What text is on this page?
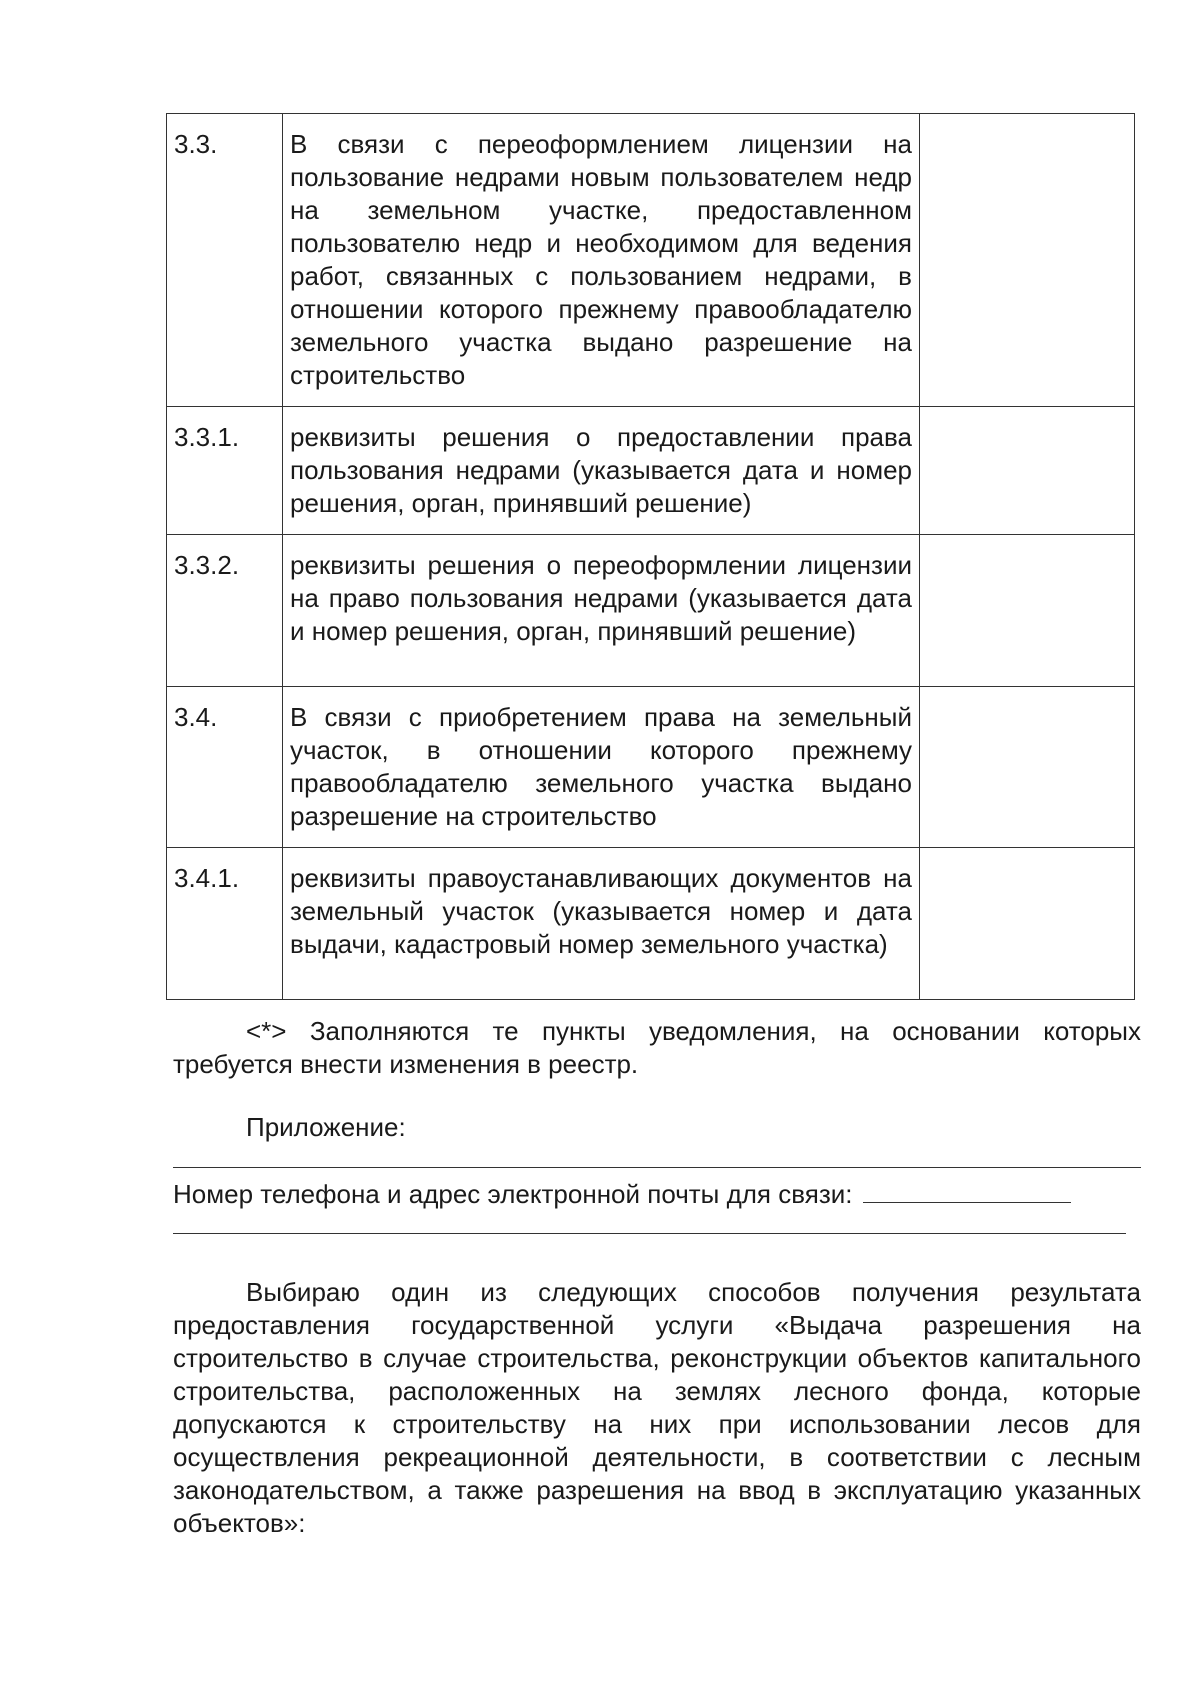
3.3.	В связи с переоформлением лицензии на пользование недрами новым пользователем недр на земельном участке, предоставленном пользователю недр и необходимом для ведения работ, связанных с пользованием недрами, в отношении которого прежнему правообладателю земельного участка выдано разрешение на строительство	
3.3.1.	реквизиты решения о предоставлении права пользования недрами (указывается дата и номер решения, орган, принявший решение)	
3.3.2.	реквизиты решения о переоформлении лицензии на право пользования недрами (указывается дата и номер решения, орган, принявший решение)	
3.4.	В связи с приобретением права на земельный участок, в отношении которого прежнему правообладателю земельного участка выдано разрешение на строительство	
3.4.1.	реквизиты правоустанавливающих документов на земельный участок (указывается номер и дата выдачи, кадастровый номер земельного участка)	
<*> Заполняются те пункты уведомления, на основании которых требуется внести изменения в реестр.
Приложение:
Номер телефона и адрес электронной почты для связи:
Выбираю один из следующих способов получения результата предоставления государственной услуги «Выдача разрешения на строительство в случае строительства, реконструкции объектов капитального строительства, расположенных на землях лесного фонда, которые допускаются к строительству на них при использовании лесов для осуществления рекреационной деятельности, в соответствии с лесным законодательством, а также разрешения на ввод в эксплуатацию указанных объектов»:
